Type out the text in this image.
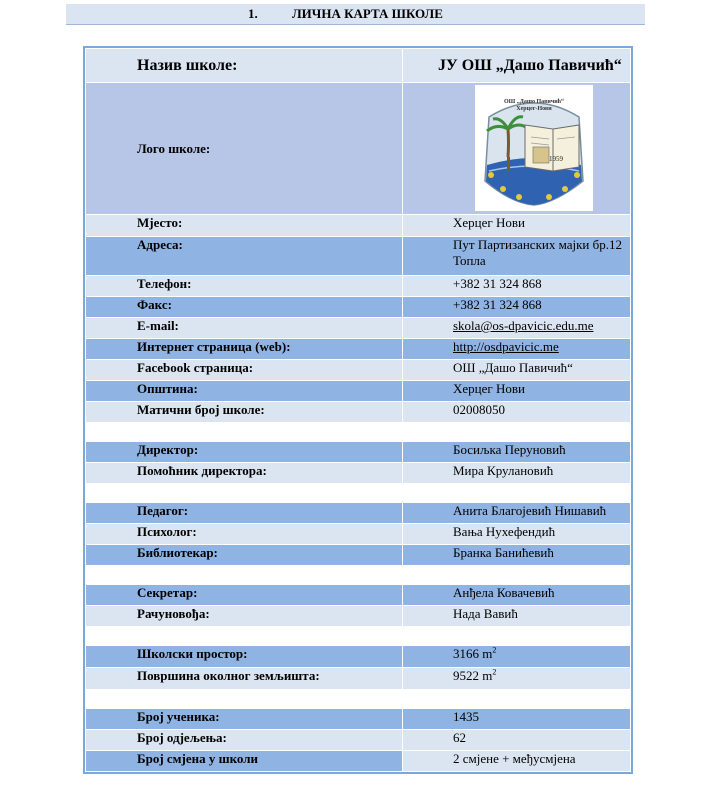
1.	ЛИЧНА КАРТА ШКОЛЕ
Назив школе:	ЈУ ОШ „Дашо Павичић“
Лого школе:	ОШ „Дашо Павичић“
Херцег-Нови
1959

Мјесто:	Херцег Нови
Адреса:	Пут Партизанских мајки бр.12
Топла

Телефон:	+382 31 324 868
Факс:	+382 31 324 868
E-mail:	skola@os-dpavicic.edu.me
Интернет страница (web):	http://osdpavicic.me
Facebook страница:	ОШ „Дашо Павичић“
Општина:	Херцег Нови
Матични број школе:	02008050

Директор:	Босиљка Перуновић
Помоћник директора:	Мира Крулановић

Педагог:	Анита Благојевић Нишавић
Психолог:	Вања Нухефендић
Библиотекар:	Бранка Банићевић

Секретар:	Анђела Ковачевић
Рачуновођа:	Нада Вавић

Школски простор:	3166 $m^2$
Површина околног земљишта:	9522 $m^2$

Број ученика:	1435
Број одјељења:	62
Број смјена у школи	2 смјене + међусмјена
